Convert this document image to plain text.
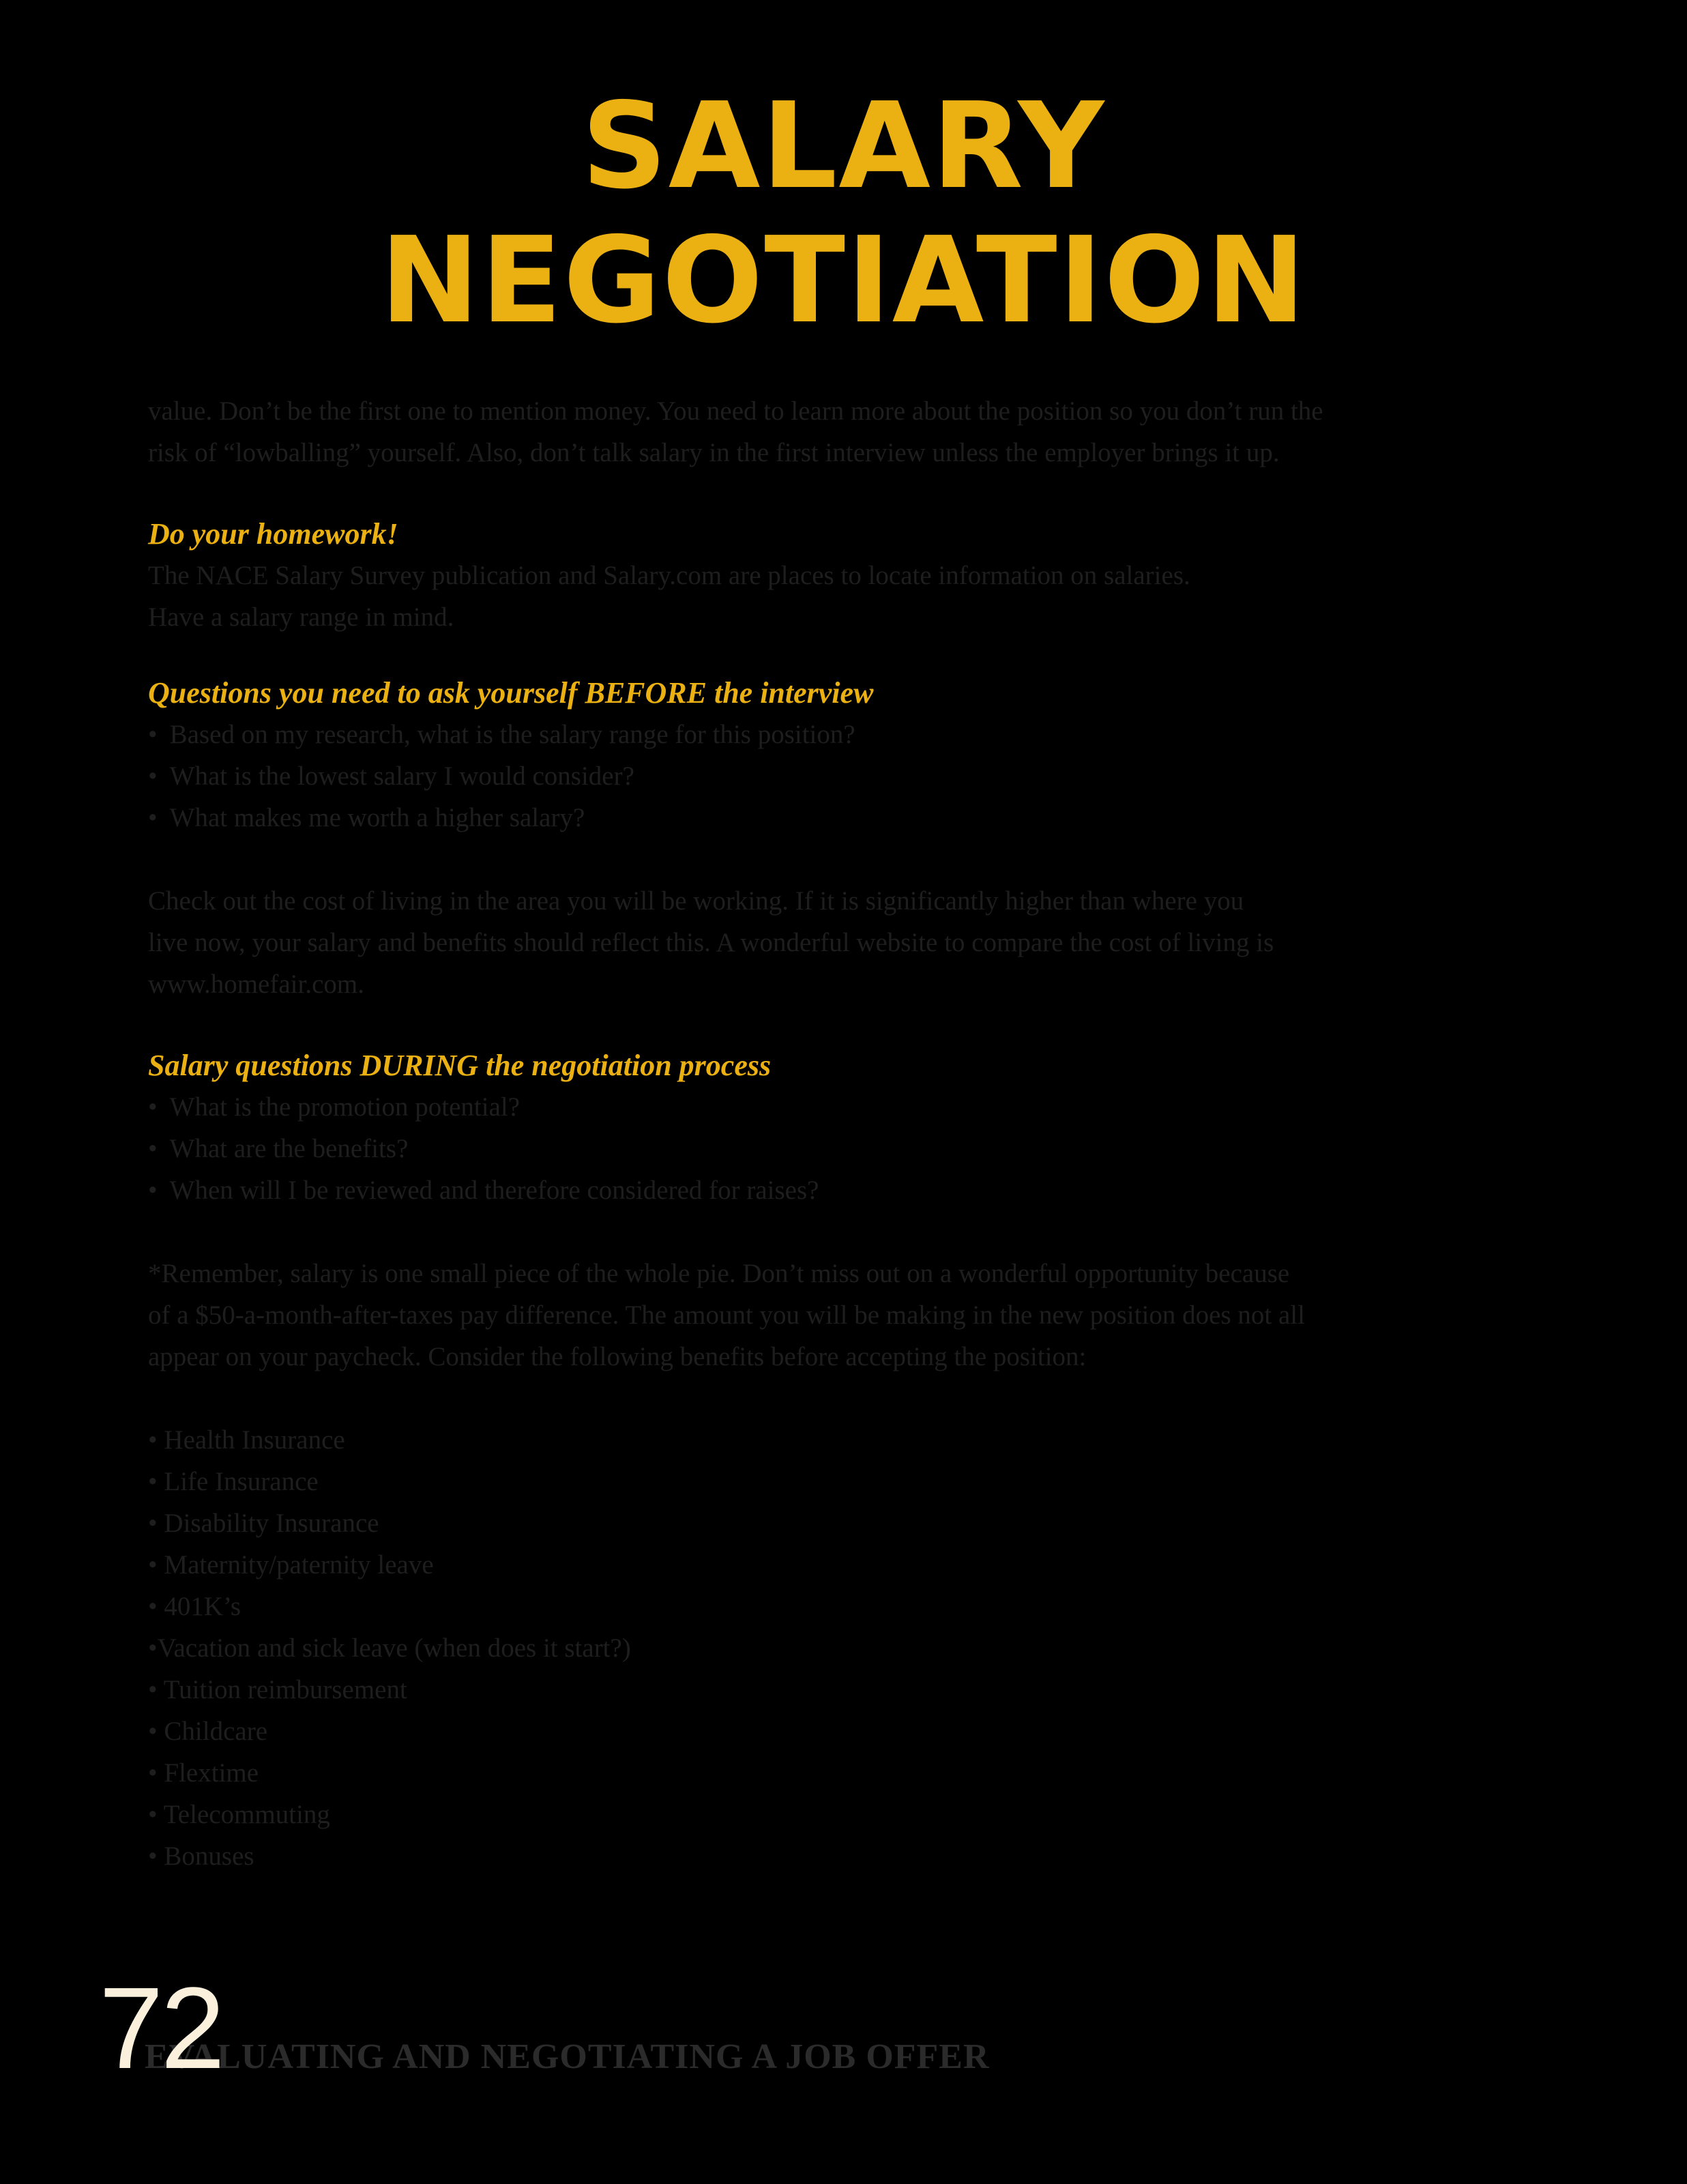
SALARY
NEGOTIATION

value. Don’t be the first one to mention money. You need to learn more about the position so you don’t run the

risk of “lowballing” yourself. Also, don’t talk salary in the first interview unless the employer brings it up.

Do your homework!

The NACE Salary Survey publication and Salary.com are places to locate information on salaries.

Have a salary range in mind.

Questions you need to ask yourself BEFORE the interview
• Based on my research, what is the salary range for this position?
• What is the lowest salary I would consider?
• What makes me worth a higher salary?

Check out the cost of living in the area you will be working. If it is significantly higher than where you

live now, your salary and benefits should reflect this. A wonderful website to compare the cost of living is

www.homefair.com.

Salary questions DURING the negotiation process
• What is the promotion potential?
• What are the benefits?
• When will I be reviewed and therefore considered for raises?

*Remember, salary is one small piece of the whole pie. Don’t miss out on a wonderful opportunity because

of a $50-a-month-after-taxes pay difference. The amount you will be making in the new position does not all

appear on your paycheck. Consider the following benefits before accepting the position:

• Health Insurance
• Life Insurance
• Disability Insurance
• Maternity/paternity leave
• 401K’s
•Vacation and sick leave (when does it start?)
• Tuition reimbursement
• Childcare
• Flextime
• Telecommuting
• Bonuses
EVALUATING AND NEGOTIATING A JOB OFFER
72
